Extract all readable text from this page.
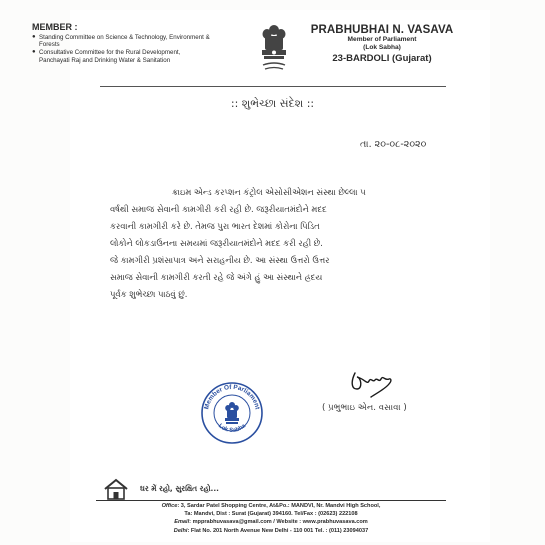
MEMBER :
● Standing Committee on Science & Technology, Environment & Forests
● Consultative Committee for the Rural Development, Panchayati Raj and Drinking Water & Sanitation
PRABHUBHAI N. VASAVA
Member of Parliament
(Lok Sabha)
23-BARDOLI (Gujarat)
:: શુભેચ્છા સંદેશ ::
તા. ૨૦-૦૮-૨૦૨૦
ક્રાઇમ એન્ડ કરપ્શન કંટ્રોલ એસોસીએશન સંસ્થા છેલ્લા ૫
વર્ષથી સમાજ સેવાની કામગીરી કરી રહી છે. જરૂરીયાતમંદોને મદદ
કરવાની કામગીરી કરે છે. તેમજ પુરા ભારત દેશમાં કોરોના પિડિત
લોકોને લોકડાઉનના સમયમાં જરૂરીયાતમંદોને મદદ કરી રહી છે.
જે કામગીરી પ્રશંસાપાત્ર અને સરાહનીય છે. આ સંસ્થા ઉત્તરો ઉત્તર
સમાજ સેવાની કામગીરી કરતી રહે જે અંગે હું આ સંસ્થાને હ્રદય
પૂર્વક શુભેચ્છા પાઠવું છું.
Member Of Parliament
Lok Sabha
( પ્રભુભાઇ એન. વસાવા )
ઘર મેં રહો, સુરક્ષિત રહો...
Office: 3, Sardar Patel Shopping Centre, At&Po.: MANDVI, Nr. Mandvi High School,
Ta: Mandvi, Dist : Surat (Gujarat) 394160. Tel/Fax : (02623) 222108
Email: mpprabhuvasava@gmail.com / Website : www.prabhuvasava.com
Delhi: Flat No. 201 North Avenue New Delhi - 110 001 Tel. : (011) 23094037
